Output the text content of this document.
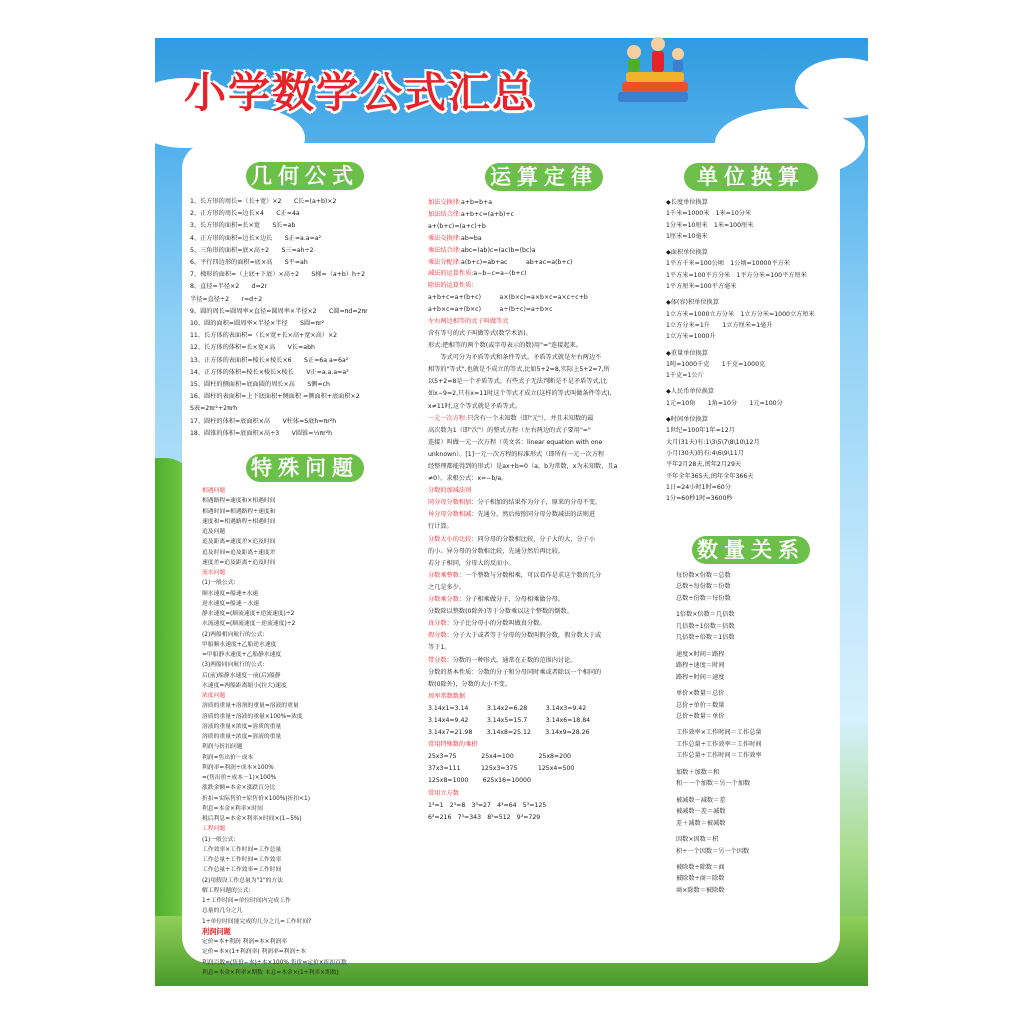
小学数学公式汇总
几何公式
1、长方形的周长=（长+宽）×2　　C长=(a+b)×2
2、正方形的周长=边长×4　　C正=4a
3、长方形的面积=长×宽　　S长=ab
4、正方形的面积=边长×边长　　S正=a.a=a²
5、三角形的面积=底×高÷2　　S三=ah÷2
6、平行四边形的面积=底×高　　S平=ah
7、梯形的面积=（上底+下底）×高÷2　　S梯=（a+b）h÷2
8、直径=半径×2　　d=2r
半径=直径÷2　　r=d÷2
9、圆的周长=圆周率×直径=圆周率×半径×2　　C圆=πd=2πr
10、圆的面积=圆周率×半径×半径　　S圆=πr²
11、长方体的表面积=（长×宽+长×高+宽×高）×2
12、长方体的体积=长×宽×高　　V长=abh
13、正方体的表面积=棱长×棱长×6　　S正=6a a=6a²
14、正方体的体积=棱长×棱长×棱长　　V正=a.a.a=a³
15、圆柱的侧面积=底面圆的周长×高　　S侧=ch
16、圆柱的表面积=上下底面积+侧面积 =侧面积+底面积×2
S表=2πr²+2πrh
17、圆柱的体积=底面积×高　　V柱体=S底h=πr²h
18、圆锥的体积=底面积×高÷3　　V圆锥=⅓πr²h
特殊问题
相遇问题
相遇路程=速度和×相遇时间
相遇时间=相遇路程÷速度和
速度和=相遇路程÷相遇时间
追及问题
追及距离=速度差×追及时间
追及时间=追及距离÷速度差
速度差=追及距离÷追及时间
流水问题
(1)一般公式:
顺水速度=船速+水速
逆水速度=船速－水速
静水速度=(顺流速度+逆流速度)÷2
水流速度=(顺流速度－逆流速度)÷2
(2)两船相向航行的公式:
甲船顺水速度+乙船逆水速度
=甲船静水速度+乙船静水速度
(3)两船同向航行的公式:
后(前)船静水速度－前(后)船静
水速度=两船距离缩小(拉大)速度
浓度问题
溶质的重量+溶剂的重量=溶液的重量
溶质的重量÷溶液的重量×100%=浓度
溶液的重量×浓度=溶质的重量
溶质的重量÷浓度=溶液的重量
利润与折扣问题
利润=售出价－成本
利润率=利润÷成本×100%
=(售出价÷成本－1)×100%
涨跌金额=本金×涨跌百分比
折扣=实际售价÷原售价×100%(折扣<1)
利息=本金×利率×时间
税后利息=本金×利率×时间×(1−5%)
工程问题
(1)一般公式:
工作效率×工作时间=工作总量
工作总量÷工作时间=工作效率
工作总量÷工作效率=工作时间
(2)用假设工作总量为"1"的方法
解工程问题的公式:
1÷工作时间=单位时间内完成工作
总量的几分之几
1÷单位时间能完成的几分之几=工作时间?
利润问题
定价=本+利润 利润=本×利润率
定价=本×(1+利润率) 利润率=利润÷本
利润百数=(售价−本)÷本×100% 售价=定价×折扣百数
利息=本金×利率×期数 本息=本金×(1+利率×期数)
运算定律
加法交换律:a+b=b+a
加法结合律:a+b+c=(a+b)+c
a+(b+c)=(a+c)+b
乘法交换律:ab=ba
乘法结合律:abc=(ab)c=(ac)b=(bc)a
乘法分配律:a(b+c)=ab+ac　　　ab+ac=a(b+c)
减法的运算性质:a−b−c=a−(b+c)
除法的运算性质:
a+b+c=a+(b+c)　　　a×(b×c)=a×b×c=a×c÷c+b
a+b×c=a+(b×c)　　　a÷(b÷c)=a÷b×c
左右两边相等的式子叫做等式
含有等号的式子叫做等式(数学术语)。
形式:把相等的两个数(或字母表示的数)用"="连接起来。
　　等式可分为矛盾等式和条件等式。矛盾等式就是左右两边不
相等的"等式",也就是不成立的等式,比如5+2=8,实际上5+2=7,所
以5+2=8是一个矛盾等式。有些式子无法判断是不是矛盾等式,比
如x−9=2,只有x=11时这个等式才成立(这样的等式叫做条件等式),
x≠11时,这个等式就是矛盾等式。
一元一次方程:只含有一个未知数（即"元"），并且未知数的最
高次数为1（即"次"）的整式方程（左右两边的式子要用"="
连接）叫做一元一次方程（英文名：linear equation with one
unknown）。[1]一元一次方程的标准形式（即所有一元一次方程
经整理都能得到的形式）是ax+b=0（a，b为常数，x为未知数，且a
≠0）。求根公式：x=−b/a。
分数的加减法则
同分母分数相加：分子相加的结果作为分子，原来的分母不变。
异分母分数相减：先通分，然后按照同分母分数减法的法则进
行计算。
分数大小的比较：同分母的分数相比较，分子大的大，分子小
的小。异分母的分数相比较，先通分然后再比较。
若分子相同，分母大的反而小。
分数乘整数：一个整数与分数相乘，可以看作是求这个数的几分
之几是多少。
分数乘分数：分子相乘做分子，分母相乘做分母。
分数除以整数(0除外)等于分数乘以这个整数的倒数。
真分数：分子比分母小的分数叫做真分数。
假分数：分子大于或者等于分母的分数叫假分数，假分数大于或
等于1。
带分数：分数的一种形式，通常在正数的范围内讨论。
分数的基本性质：分数的分子和分母同时乘或者除以一个相同的
数(0除外)，分数的大小不变。
周率常数数据
3.14x1=3.14　　　3.14x2=6.28　　　3.14x3=9.42
3.14x4=9.42　　　3.14x5=15.7　　　3.14x6=18.84
3.14x7=21.98　　 3.14x8=25.12　　 3.14x9=28.26
常用特殊数的乘积
25x3=75　　　　25x4=100　　　　25x8=200
37x3=111　　　 125x3=375　　　 125x4=500
125x8=1000　　 625x16=10000
常用立方数
1³=1　2³=8　3³=27　4³=64　5³=125
6³=216　7³=343　8³=512　9³=729
单位换算
◆长度单位换算
1千米=1000米　1米=10分米
1分米=10厘米　1米=100厘米
1厘米=10毫米
◆面积单位换算
1平方千米=100公顷　1公顷=10000平方米
1平方米=100平方分米　1平方分米=100平方厘米
1平方厘米=100平方毫米
◆体(容)积单位换算
1立方米=1000立方分米　1立方分米=1000立方厘米
1立方分米=1升　　1立方厘米=1毫升
1立方米=1000升
◆重量单位换算
1吨=1000千克　　1千克=1000克
1千克=1公斤
◆人民币单位换算
1元=10角　　1角=10分　　1元=100分
◆时间单位换算
1世纪=100年1年=12月
大月(31天)有:1\3\5\7\8\10\12月
小月(30天)的有:4\6\9\11月
平年2月28天,闰年2月29天
平年全年365天,闰年全年366天
1日=24小时1时=60分
1分=60秒1时=3600秒
数量关系
每份数×份数＝总数
总数÷每份数＝份数
总数÷份数＝每份数
1倍数×倍数＝几倍数
几倍数÷1倍数＝倍数
几倍数÷倍数＝1倍数
速度×时间＝路程
路程÷速度＝时间
路程÷时间＝速度
单价×数量＝总价
总价÷单价＝数量
总价÷数量＝单价
工作效率×工作时间＝工作总量
工作总量÷工作效率＝工作时间
工作总量÷工作时间＝工作效率
加数＋加数＝和
和－一个加数＝另一个加数
被减数－减数＝差
被减数－差＝减数
差＋减数＝被减数
因数×因数＝积
积÷一个因数＝另一个因数
被除数÷除数＝商
被除数÷商＝除数
商×除数＝被除数
